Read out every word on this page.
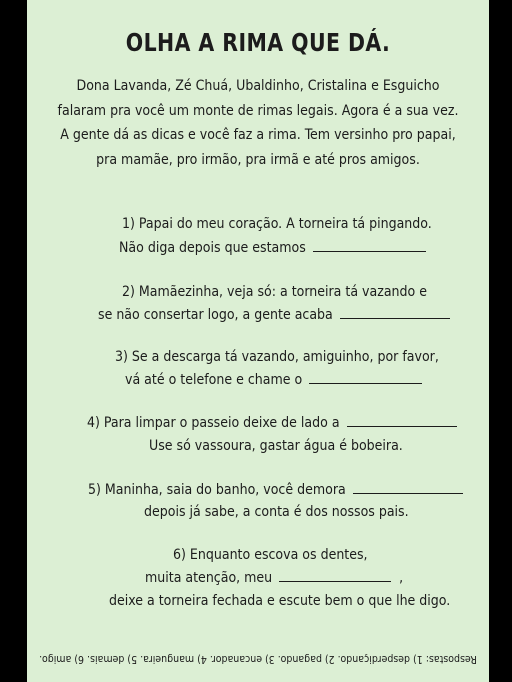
OLHA A RIMA QUE DÁ.
Dona Lavanda, Zé Chuá, Ubaldinho, Cristalina e Esguicho
falaram pra você um monte de rimas legais. Agora é a sua vez.
A gente dá as dicas e você faz a rima. Tem versinho pro papai,
pra mamãe, pro irmão, pra irmã e até pros amigos.
1) Papai do meu coração. A torneira tá pingando.
Não diga depois que estamos
2) Mamãezinha, veja só: a torneira tá vazando e
se não consertar logo, a gente acaba
3) Se a descarga tá vazando, amiguinho, por favor,
vá até o telefone e chame o
4) Para limpar o passeio deixe de lado a
Use só vassoura, gastar água é bobeira.
5) Maninha, saia do banho, você demora
depois já sabe, a conta é dos nossos pais.
6) Enquanto escova os dentes,
muita atenção, meu	,
deixe a torneira fechada e escute bem o que lhe digo.
Respostas: 1) desperdiçando. 2) pagando. 3) encanador. 4) mangueira. 5) demais. 6) amigo.
